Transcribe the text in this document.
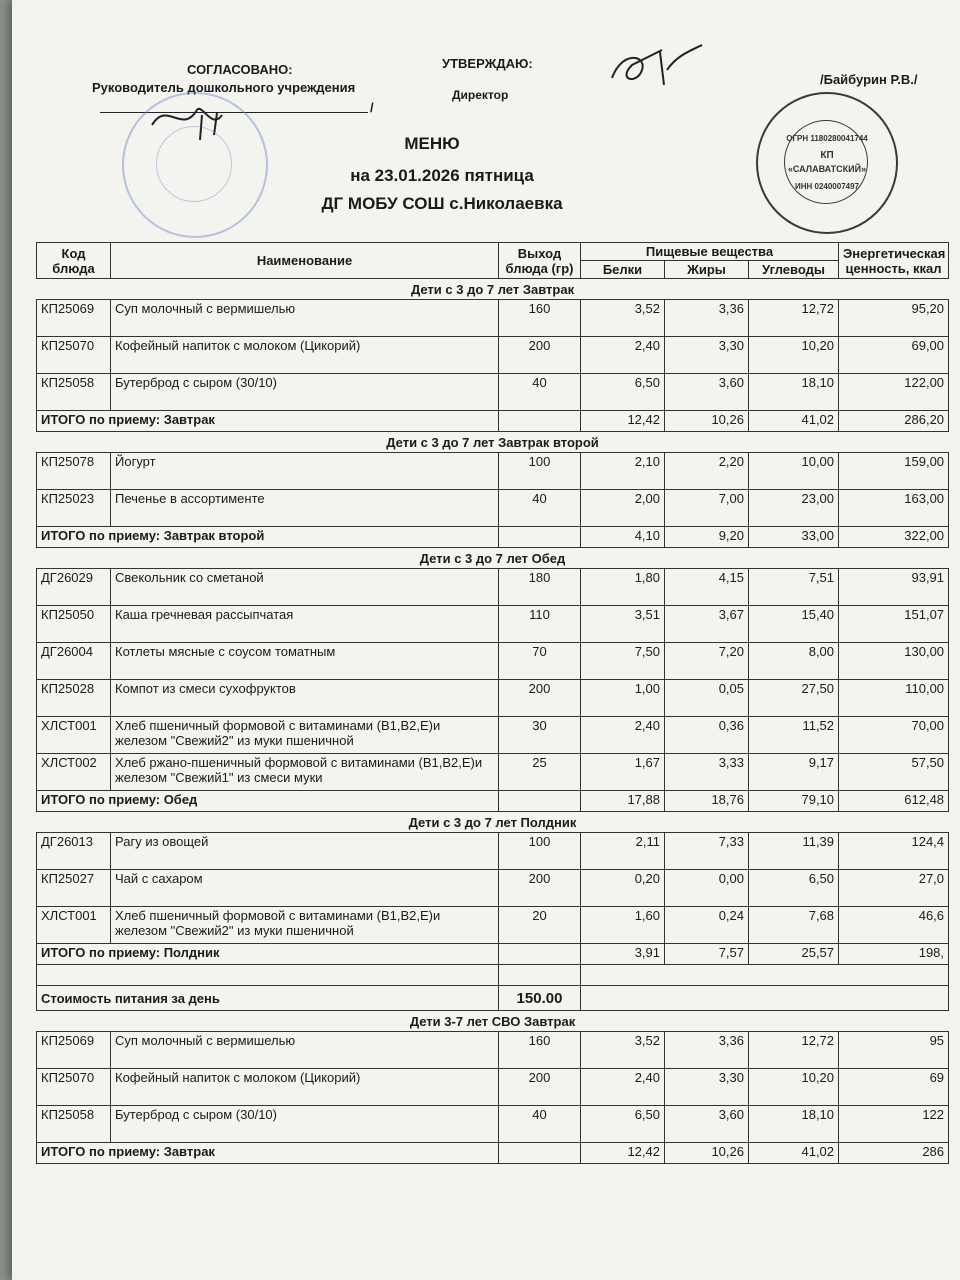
СОГЛАСОВАНО:
Руководитель дошкольного учреждения
/
УТВЕРЖДАЮ:
Директор
/Байбурин Р.В./
ОГРН 1180280041744
КП
«САЛАВАТСКИЙ»
ИНН 0240007497
МЕНЮ
на 23.01.2026 пятница
ДГ МОБУ СОШ с.Николаевка
Код блюда	Наименование	Выход блюда (гр)	Пищевые вещества			Энергетическая ценность, ккал
			Белки	Жиры	Углеводы	
Дети с 3 до 7 лет Завтрак						
КП25069	Суп молочный с вермишелью	160	3,52	3,36	12,72	95,20
КП25070	Кофейный напиток с молоком (Цикорий)	200	2,40	3,30	10,20	69,00
КП25058	Бутерброд с сыром (30/10)	40	6,50	3,60	18,10	122,00
ИТОГО по приему: Завтрак			12,42	10,26	41,02	286,20
Дети с 3 до 7 лет Завтрак второй						
КП25078	Йогурт	100	2,10	2,20	10,00	159,00
КП25023	Печенье в ассортименте	40	2,00	7,00	23,00	163,00
ИТОГО по приему: Завтрак второй			4,10	9,20	33,00	322,00
Дети с 3 до 7 лет Обед						
ДГ26029	Свекольник со сметаной	180	1,80	4,15	7,51	93,91
КП25050	Каша гречневая рассыпчатая	110	3,51	3,67	15,40	151,07
ДГ26004	Котлеты мясные с соусом томатным	70	7,50	7,20	8,00	130,00
КП25028	Компот из смеси сухофруктов	200	1,00	0,05	27,50	110,00
ХЛСТ001	Хлеб пшеничный формовой с витаминами (В1,В2,Е)и железом "Свежий2" из муки пшеничной	30	2,40	0,36	11,52	70,00
ХЛСТ002	Хлеб ржано-пшеничный формовой с витаминами (В1,В2,Е)и железом "Свежий1" из смеси муки	25	1,67	3,33	9,17	57,50
ИТОГО по приему: Обед			17,88	18,76	79,10	612,48
Дети с 3 до 7 лет Полдник						
ДГ26013	Рагу из овощей	100	2,11	7,33	11,39	124,4
КП25027	Чай с сахаром	200	0,20	0,00	6,50	27,0
ХЛСТ001	Хлеб пшеничный формовой с витаминами (В1,В2,Е)и железом "Свежий2" из муки пшеничной	20	1,60	0,24	7,68	46,6
ИТОГО по приему: Полдник			3,91	7,57	25,57	198,

Стоимость питания за день		150.00				
Дети 3-7 лет СВО Завтрак						
КП25069	Суп молочный с вермишелью	160	3,52	3,36	12,72	95
КП25070	Кофейный напиток с молоком (Цикорий)	200	2,40	3,30	10,20	69
КП25058	Бутерброд с сыром (30/10)	40	6,50	3,60	18,10	122
ИТОГО по приему: Завтрак			12,42	10,26	41,02	286
